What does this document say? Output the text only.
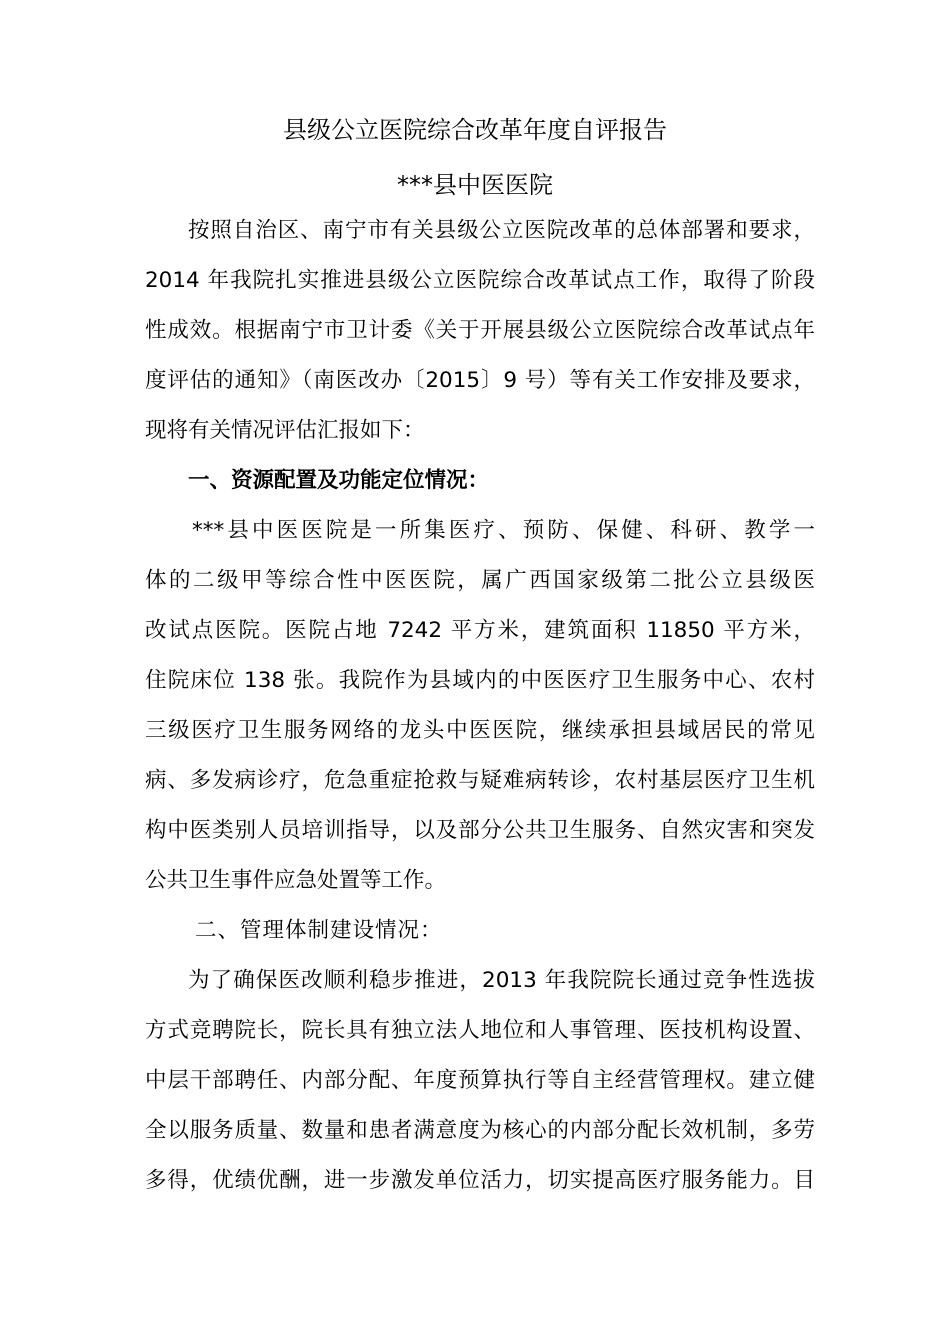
县级公立医院综合改革年度自评报告
***县中医医院
按照自治区、南宁市有关县级公立医院改革的总体部署和要求，
2014 年我院扎实推进县级公立医院综合改革试点工作，取得了阶段
性成效。根据南宁市卫计委《关于开展县级公立医院综合改革试点年
度评估的通知》（南医改办〔2015〕9 号）等有关工作安排及要求，
现将有关情况评估汇报如下：
一、资源配置及功能定位情况：
***县中医医院是一所集医疗、预防、保健、科研、教学一
体的二级甲等综合性中医医院，属广西国家级第二批公立县级医
改试点医院。医院占地 7242 平方米，建筑面积 11850 平方米，
住院床位 138 张。我院作为县域内的中医医疗卫生服务中心、农村
三级医疗卫生服务网络的龙头中医医院，继续承担县域居民的常见
病、多发病诊疗，危急重症抢救与疑难病转诊，农村基层医疗卫生机
构中医类别人员培训指导，以及部分公共卫生服务、自然灾害和突发
公共卫生事件应急处置等工作。
二、管理体制建设情况：
为了确保医改顺利稳步推进，2013 年我院院长通过竞争性选拔
方式竞聘院长，院长具有独立法人地位和人事管理、医技机构设置、
中层干部聘任、内部分配、年度预算执行等自主经营管理权。建立健
全以服务质量、数量和患者满意度为核心的内部分配长效机制，多劳
多得，优绩优酬，进一步激发单位活力，切实提高医疗服务能力。目
